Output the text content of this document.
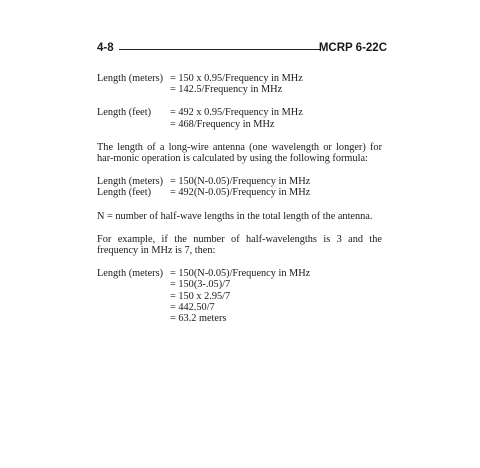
4-8	MCRP 6-22C
Length (meters) = 150 x 0.95/Frequency in MHz
= 142.5/Frequency in MHz
Length (feet)	= 492 x 0.95/Frequency in MHz
= 468/Frequency in MHz

The length of a long-wire antenna (one wavelength or longer) for har-monic operation is calculated by using the following formula:

Length (meters) = 150(N-0.05)/Frequency in MHz
Length (feet)	= 492(N-0.05)/Frequency in MHz

N = number of half-wave lengths in the total length of the antenna.

For example, if the number of half-wavelengths is 3 and the frequency in MHz is 7, then:

Length (meters) = 150(N-0.05)/Frequency in MHz
= 150(3-.05)/7
= 150 x 2.95/7
= 442.50/7
= 63.2 meters
